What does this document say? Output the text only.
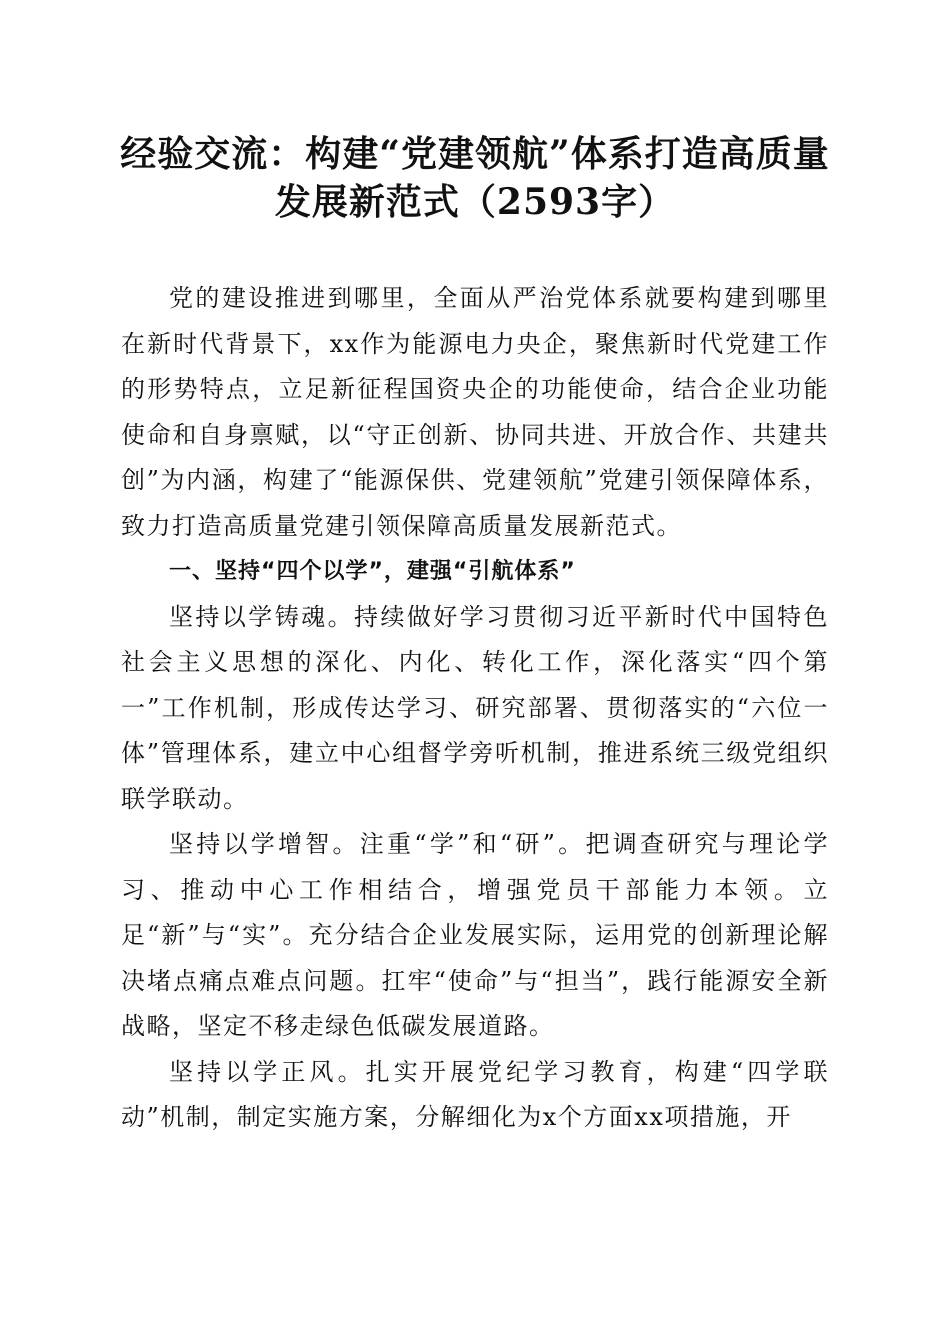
经验交流：构建“党建领航”体系打造高质量
发展新范式（2593字）

党的建设推进到哪里，全面从严治党体系就要构建到哪里在新时代背景下，xx作为能源电力央企，聚焦新时代党建工作的形势特点，立足新征程国资央企的功能使命，结合企业功能使命和自身禀赋，以“守正创新、协同共进、开放合作、共建共创”为内涵，构建了“能源保供、党建领航”党建引领保障体系，致力打造高质量党建引领保障高质量发展新范式。

一、坚持“四个以学”，建强“引航体系”

坚持以学铸魂。持续做好学习贯彻习近平新时代中国特色社会主义思想的深化、内化、转化工作，深化落实“四个第一”工作机制，形成传达学习、研究部署、贯彻落实的“六位一体”管理体系，建立中心组督学旁听机制，推进系统三级党组织联学联动。

坚持以学增智。注重“学”和“研”。把调查研究与理论学习、推动中心工作相结合，增强党员干部能力本领。立足“新”与“实”。充分结合企业发展实际，运用党的创新理论解决堵点痛点难点问题。扛牢“使命”与“担当”，践行能源安全新战略，坚定不移走绿色低碳发展道路。

坚持以学正风。扎实开展党纪学习教育，构建“四学联动”机制，制定实施方案，分解细化为x个方面xx项措施，开
